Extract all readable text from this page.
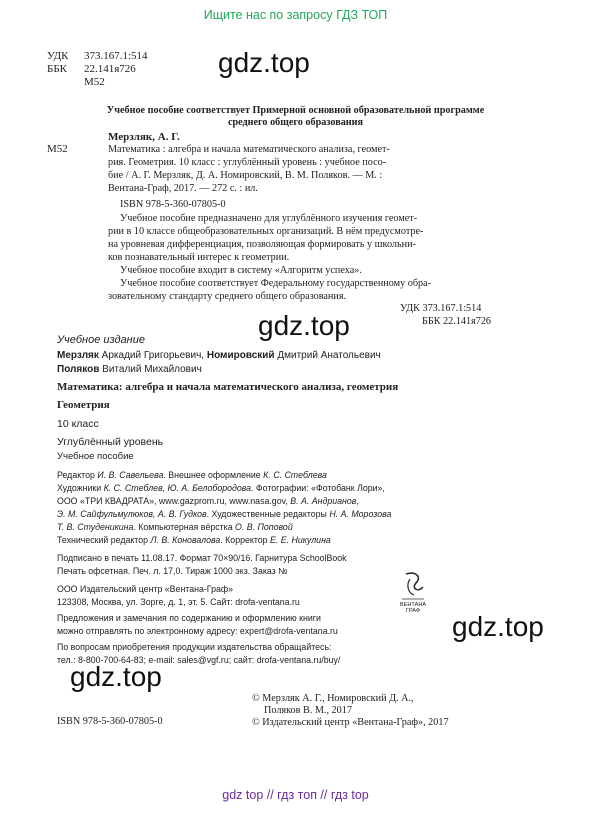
Ищите нас по запросу ГДЗ ТОП
УДК 373.167.1:514
ББК 22.141я726
М52
gdz.top
Учебное пособие соответствует Примерной основной образовательной программе
среднего общего образования
Мерзляк, А. Г.
М52	Математика : алгебра и начала математического анализа, геомет-
рия. Геометрия. 10 класс : углублённый уровень : учебное посо-
бие / А. Г. Мерзляк, Д. А. Номировский, В. М. Поляков. — М. :
Вентана-Граф, 2017. — 272 с. : ил.
ISBN 978-5-360-07805-0
Учебное пособие предназначено для углублённого изучения геомет-
рии в 10 классе общеобразовательных организаций. В нём предусмотре-
на уровневая дифференциация, позволяющая формировать у школьни-
ков познавательный интерес к геометрии.
Учебное пособие входит в систему «Алгоритм успеха».
Учебное пособие соответствует Федеральному государственному обра-
зовательному стандарту среднего общего образования.
УДК 373.167.1:514
ББК 22.141я726
gdz.top
Учебное издание
Мерзляк Аркадий Григорьевич, Номировский Дмитрий Анатольевич
Поляков Виталий Михайлович
Математика: алгебра и начала математического анализа, геометрия
Геометрия
10 класс
Углублённый уровень
Учебное пособие
Редактор И. В. Савельева. Внешнее оформление К. С. Стеблева
Художники К. С. Стеблев, Ю. А. Белобородова. Фотографии: «Фотобанк Лори»,
ООО «ТРИ КВАДРАТА», www.gazprom.ru, www.nasa.gov, В. А. Андрианов,
Э. М. Сайфульмулюков, А. В. Гудков. Художественные редакторы Н. А. Морозова
Т. В. Студеникина. Компьютерная вёрстка О. В. Поповой
Технический редактор Л. В. Коновалова. Корректор Е. Е. Никулина
Подписано в печать 11.08.17. Формат 70×90/16. Гарнитура SchoolBook
Печать офсетная. Печ. л. 17,0. Тираж 1000 экз. Заказ №
ООО Издательский центр «Вентана-Граф»
123308, Москва, ул. Зорге, д. 1, эт. 5. Сайт: drofa-ventana.ru
Предложения и замечания по содержанию и оформлению книги
можно отправлять по электронному адресу: expert@drofa-ventana.ru
По вопросам приобретения продукции издательства обращайтесь:
тел.: 8-800-700-64-83; e-mail: sales@vgf.ru; сайт: drofa-ventana.ru/buy/
ВЕНТАНА
ГРАФ	gdz.top
gdz.top
ISBN 978-5-360-07805-0
© Мерзляк А. Г., Номировский Д. А.,
Поляков В. М., 2017
© Издательский центр «Вентана-Граф», 2017
gdz top // гдз топ // гдз top
